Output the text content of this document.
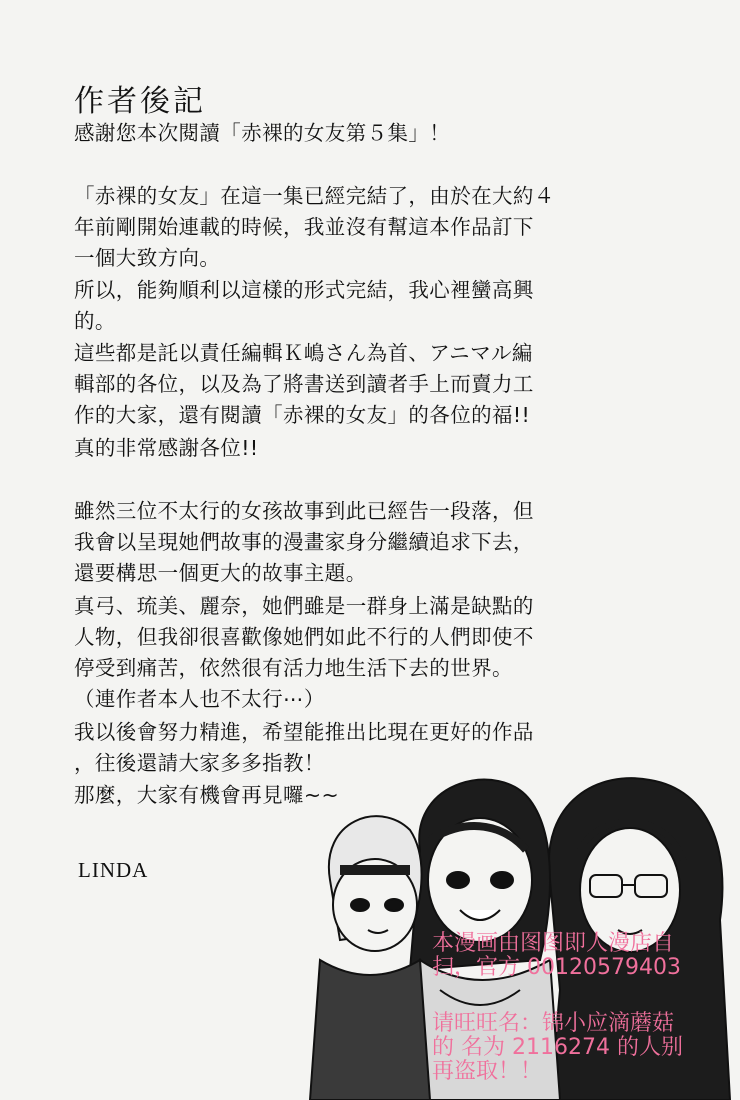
作者後記

感謝您本次閱讀「赤裸的女友第５集」！

「赤裸的女友」在這一集已經完結了，由於在大約４
年前剛開始連載的時候，我並沒有幫這本作品訂下
一個大致方向。

所以，能夠順利以這樣的形式完結，我心裡蠻高興
的。

這些都是託以責任編輯Ｋ嶋さん為首、アニマル編
輯部的各位，以及為了將書送到讀者手上而賣力工
作的大家，還有閱讀「赤裸的女友」的各位的福!!

真的非常感謝各位!!

雖然三位不太行的女孩故事到此已經告一段落，但
我會以呈現她們故事的漫畫家身分繼續追求下去，
還要構思一個更大的故事主題。

真弓、琉美、麗奈，她們雖是一群身上滿是缺點的
人物，但我卻很喜歡像她們如此不行的人們即使不
停受到痛苦，依然很有活力地生活下去的世界。
（連作者本人也不太行⋯）

我以後會努力精進，希望能推出比現在更好的作品
，往後還請大家多多指教！

那麼，大家有機會再見囉~~

LINDA
本漫画由图图即人漫店自
扫，官方 00120579403
请旺旺名：锦小应滴蘑菇
的 名为 2116274 的人别
再盗取！！
